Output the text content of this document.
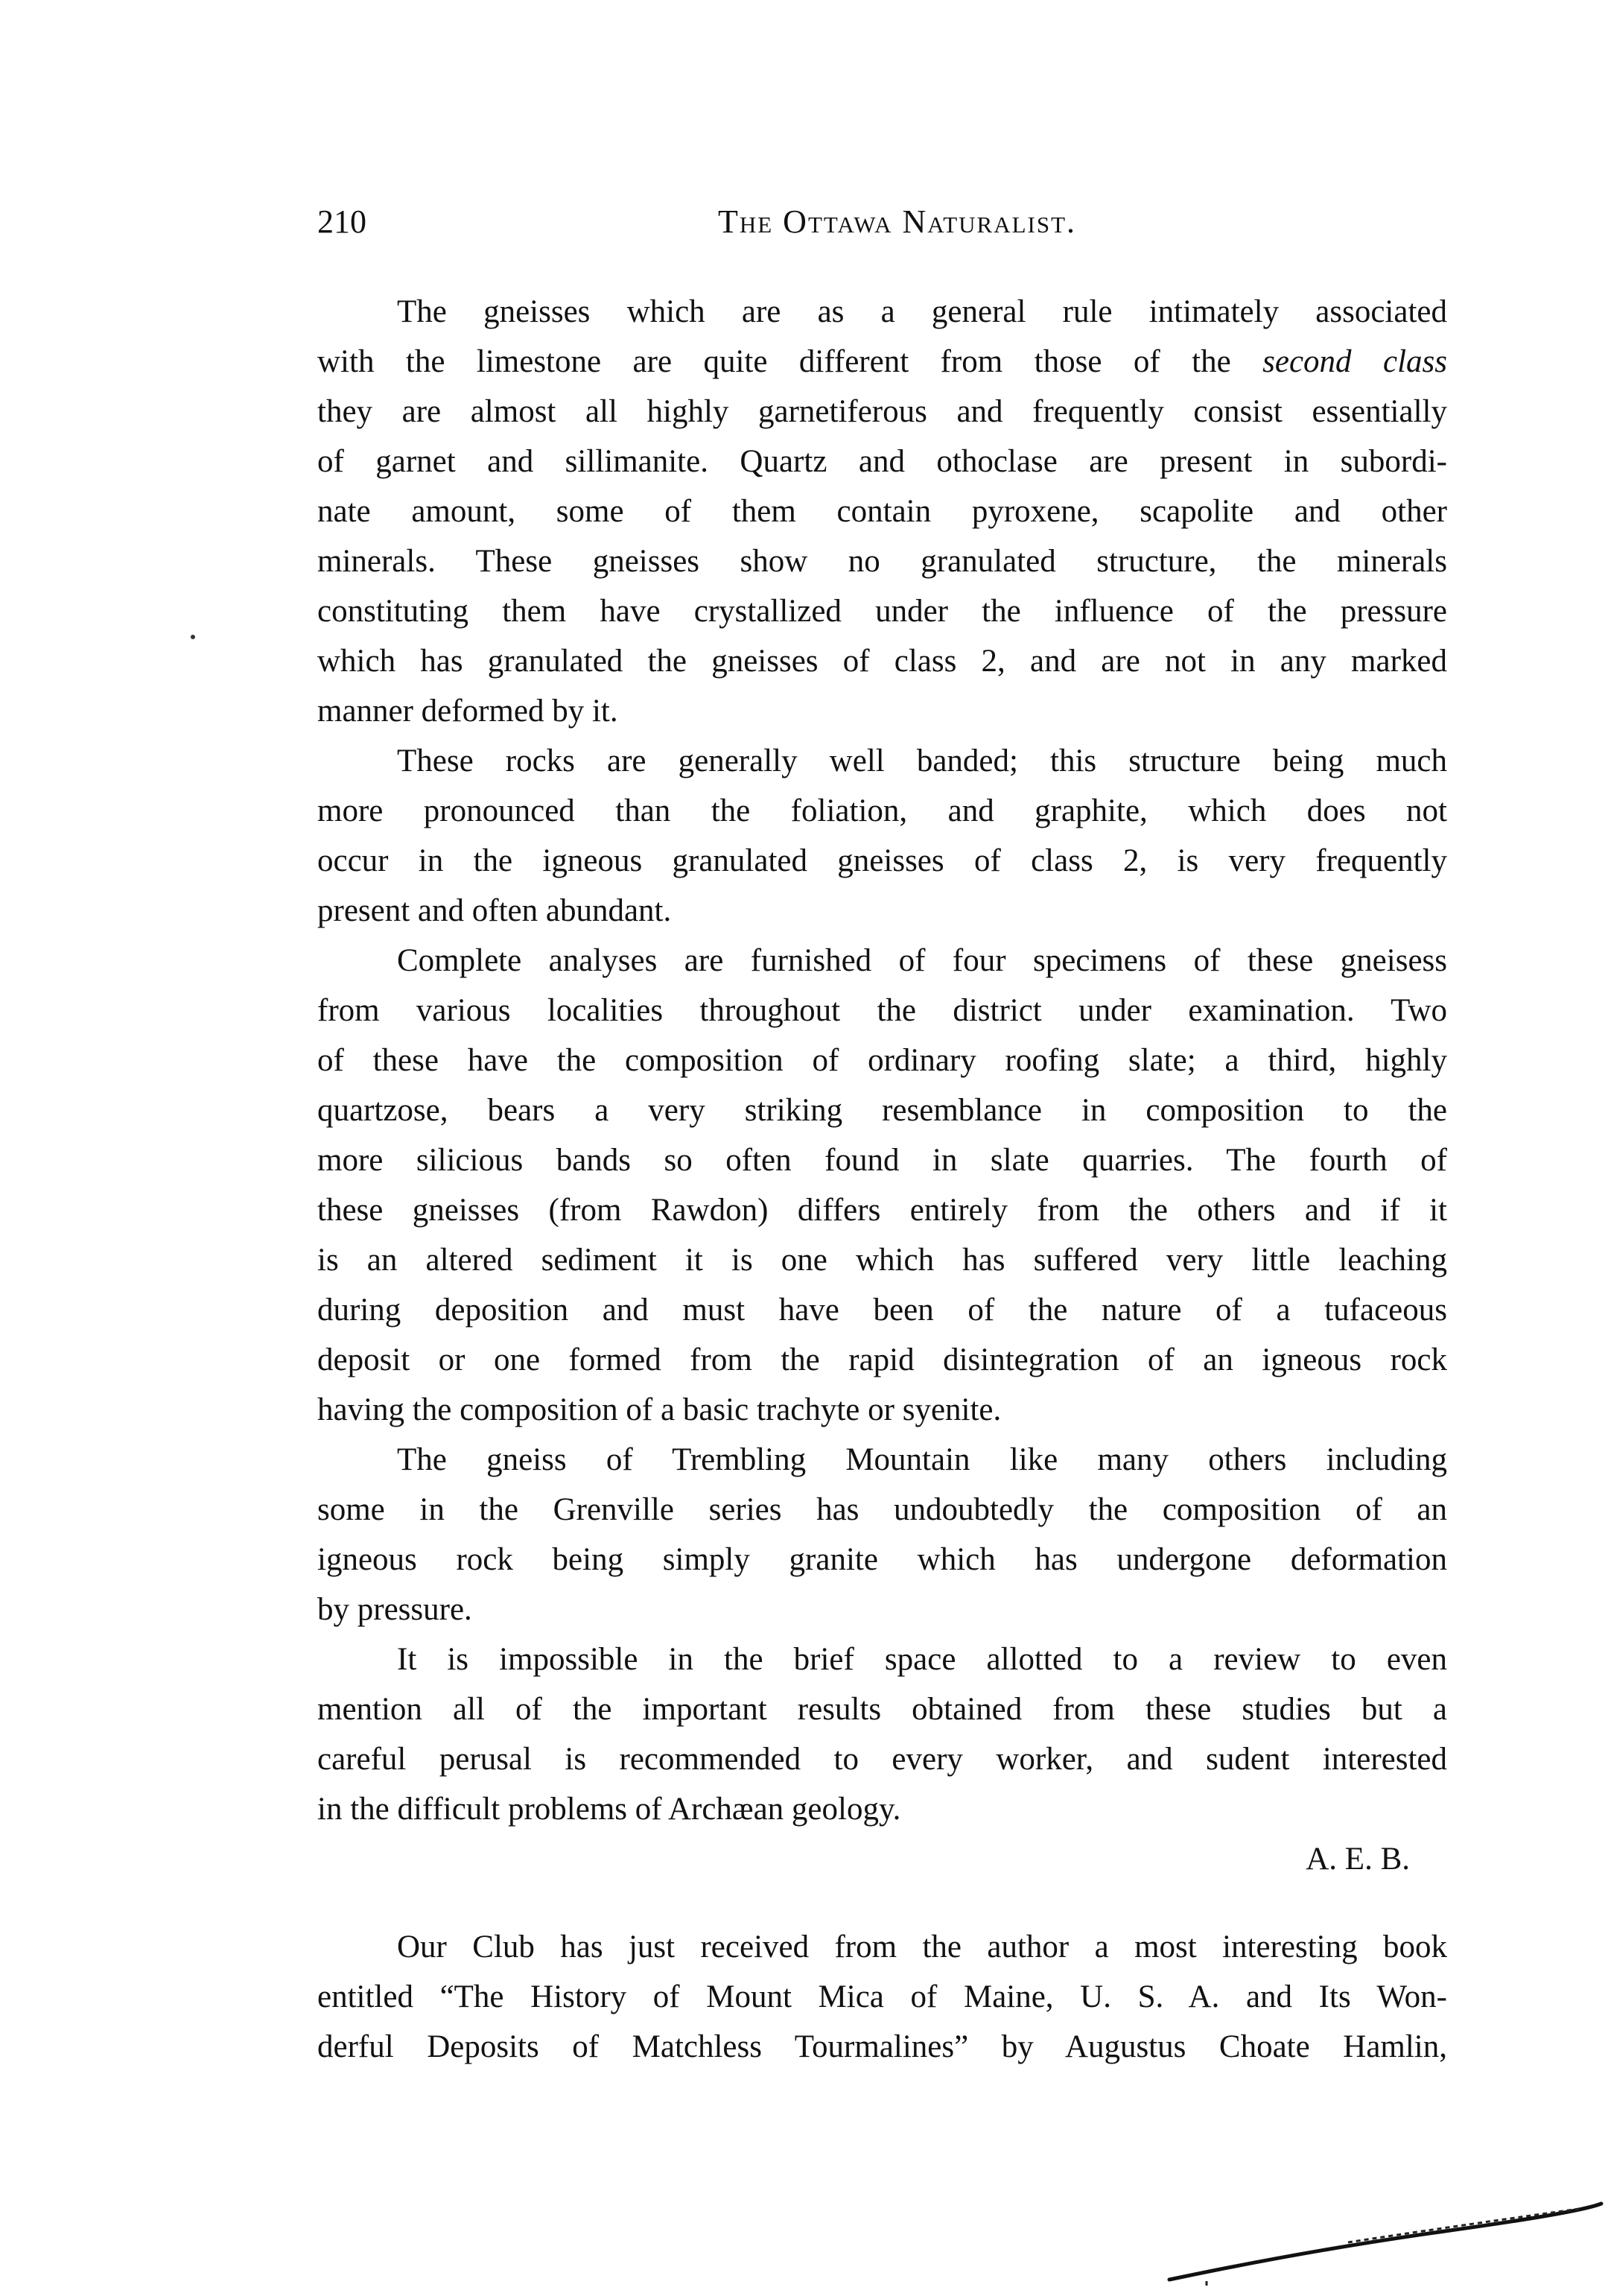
210	The Ottawa Naturalist.
The gneisses which are as a general rule intimately associated
with the limestone are quite different from those of the second class
they are almost all highly garnetiferous and frequently consist essentially
of garnet and sillimanite. Quartz and othoclase are present in subordi-
nate amount, some of them contain pyroxene, scapolite and other
minerals. These gneisses show no granulated structure, the minerals
constituting them have crystallized under the influence of the pressure
which has granulated the gneisses of class 2, and are not in any marked
manner deformed by it.
These rocks are generally well banded; this structure being much
more pronounced than the foliation, and graphite, which does not
occur in the igneous granulated gneisses of class 2, is very frequently
present and often abundant.
Complete analyses are furnished of four specimens of these gneisess
from various localities throughout the district under examination. Two
of these have the composition of ordinary roofing slate; a third, highly
quartzose, bears a very striking resemblance in composition to the
more silicious bands so often found in slate quarries. The fourth of
these gneisses (from Rawdon) differs entirely from the others and if it
is an altered sediment it is one which has suffered very little leaching
during deposition and must have been of the nature of a tufaceous
deposit or one formed from the rapid disintegration of an igneous rock
having the composition of a basic trachyte or syenite.
The gneiss of Trembling Mountain like many others including
some in the Grenville series has undoubtedly the composition of an
igneous rock being simply granite which has undergone deformation
by pressure.
It is impossible in the brief space allotted to a review to even
mention all of the important results obtained from these studies but a
careful perusal is recommended to every worker, and sudent interested
in the difficult problems of Archæan geology.
A. E. B.
Our Club has just received from the author a most interesting book
entitled “The History of Mount Mica of Maine, U. S. A. and Its Won-
derful Deposits of Matchless Tourmalines” by Augustus Choate Hamlin,
